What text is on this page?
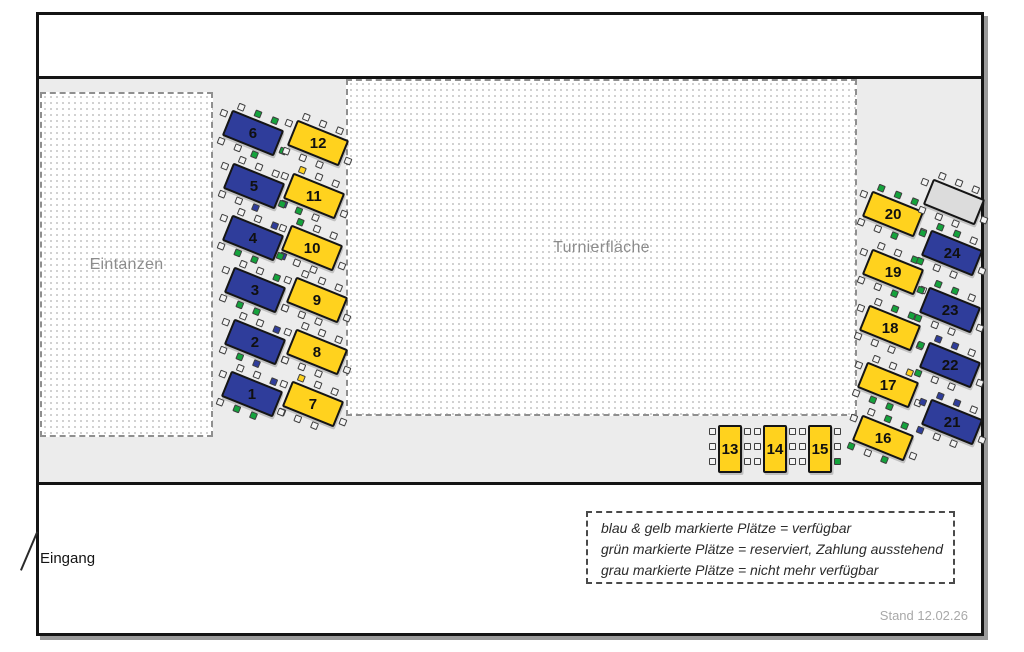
Eintanzen
Turnierfläche
1
2
3
4
5
6
7
8
9
10
11
12
13 14 15
16
17
18
19
20
21
22
23
24
blau & gelb markierte Plätze = verfügbar
grün markierte Plätze = reserviert, Zahlung ausstehend
grau markierte Plätze = nicht mehr verfügbar
Eingang
Stand 12.02.26
